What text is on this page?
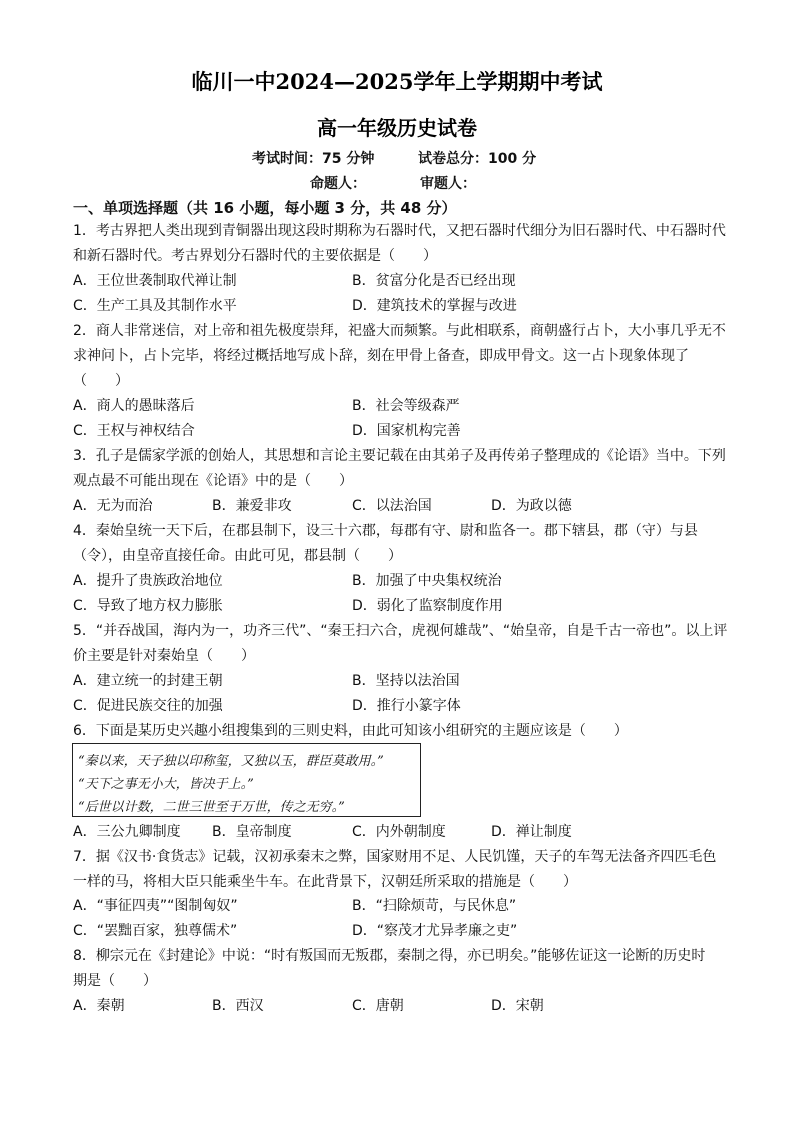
临川一中2024—2025学年上学期期中考试
高一年级历史试卷
考试时间：75 分钟	试卷总分：100 分
命题人：	审题人：
一、单项选择题（共 16 小题，每小题 3 分，共 48 分）
1．考古界把人类出现到青铜器出现这段时期称为石器时代，又把石器时代细分为旧石器时代、中石器时代
和新石器时代。考古界划分石器时代的主要依据是（　　）
A．王位世袭制取代禅让制	B．贫富分化是否已经出现
C．生产工具及其制作水平	D．建筑技术的掌握与改进
2．商人非常迷信，对上帝和祖先极度崇拜，祀盛大而频繁。与此相联系，商朝盛行占卜，大小事几乎无不
求神问卜，占卜完毕，将经过概括地写成卜辞，刻在甲骨上备查，即成甲骨文。这一占卜现象体现了
（　　）
A．商人的愚昧落后	B．社会等级森严
C．王权与神权结合	D．国家机构完善
3．孔子是儒家学派的创始人，其思想和言论主要记载在由其弟子及再传弟子整理成的《论语》当中。下列
观点最不可能出现在《论语》中的是（　　）
A．无为而治	B．兼爱非攻	C．以法治国	D．为政以德
4．秦始皇统一天下后，在郡县制下，设三十六郡，每郡有守、尉和监各一。郡下辖县，郡（守）与县
（令），由皇帝直接任命。由此可见，郡县制（　　）
A．提升了贵族政治地位	B．加强了中央集权统治
C．导致了地方权力膨胀	D．弱化了监察制度作用
5．“并吞战国，海内为一，功齐三代”、“秦王扫六合，虎视何雄哉”、“始皇帝，自是千古一帝也”。以上评
价主要是针对秦始皇（　　）
A．建立统一的封建王朝	B．坚持以法治国
C．促进民族交往的加强	D．推行小篆字体
6．下面是某历史兴趣小组搜集到的三则史料，由此可知该小组研究的主题应该是（　　）
“秦以来，天子独以印称玺，又独以玉，群臣莫敢用。”
“天下之事无小大，皆决于上。”
“后世以计数，二世三世至于万世，传之无穷。”
A．三公九卿制度 B．皇帝制度	C．内外朝制度	D．禅让制度
7．据《汉书·食货志》记载，汉初承秦末之弊，国家财用不足、人民饥馑，天子的车驾无法备齐四匹毛色
一样的马，将相大臣只能乘坐牛车。在此背景下，汉朝廷所采取的措施是（　　）
A．“事征四夷”“图制匈奴”	B．“扫除烦苛，与民休息”
C．“罢黜百家，独尊儒术”	D．“察茂才尤异孝廉之吏”
8．柳宗元在《封建论》中说：“时有叛国而无叛郡，秦制之得，亦已明矣。”能够佐证这一论断的历史时
期是（　　）
A．秦朝	B．西汉	C．唐朝	D．宋朝
